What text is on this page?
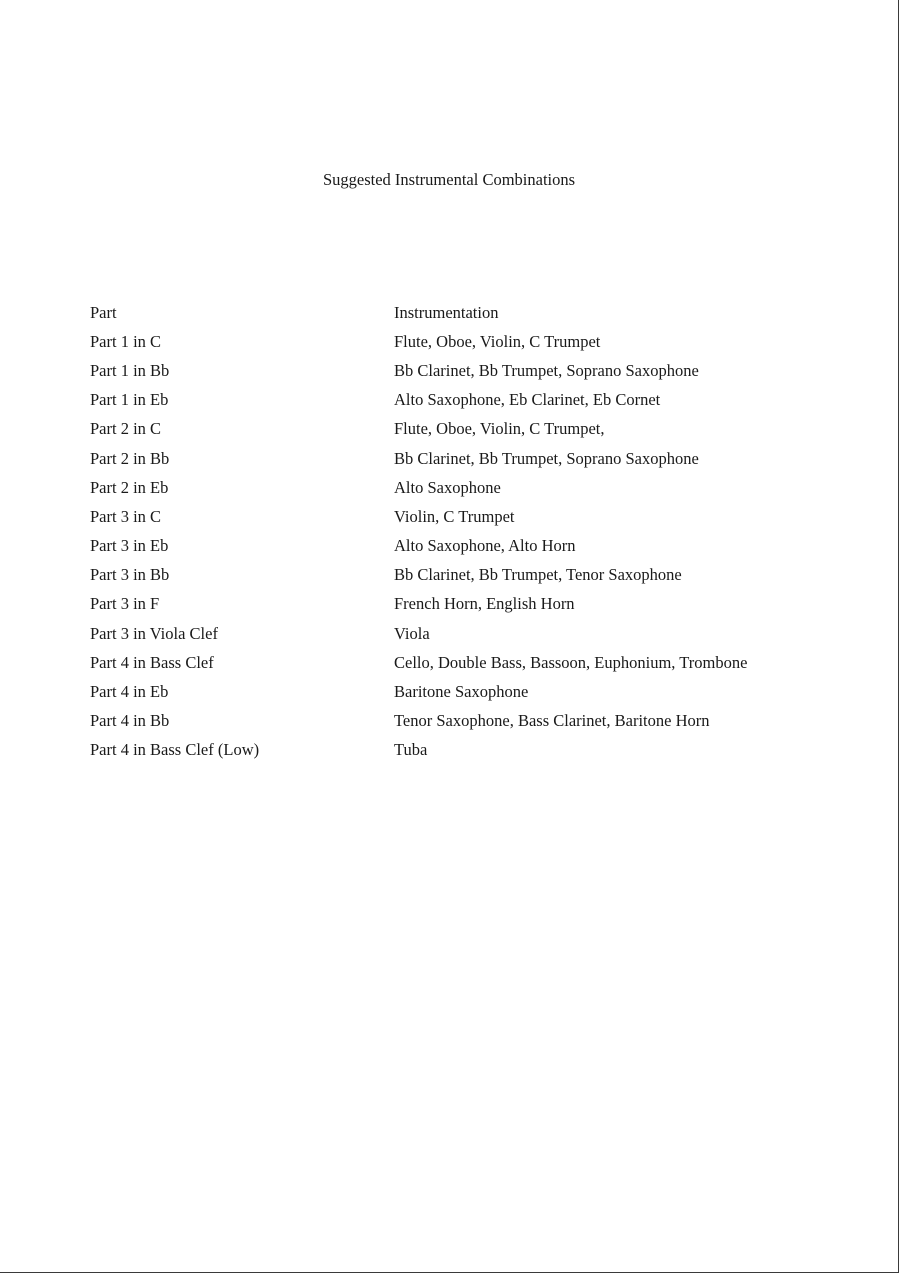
Suggested Instrumental Combinations
Part	Instrumentation
Part 1 in C	Flute, Oboe, Violin, C Trumpet
Part 1 in Bb	Bb Clarinet, Bb Trumpet, Soprano Saxophone
Part 1 in Eb	Alto Saxophone, Eb Clarinet, Eb Cornet
Part 2 in C	Flute, Oboe, Violin, C Trumpet,
Part 2 in Bb	Bb Clarinet, Bb Trumpet, Soprano Saxophone
Part 2 in Eb	Alto Saxophone
Part 3 in C	Violin, C Trumpet
Part 3 in Eb	Alto Saxophone, Alto Horn
Part 3 in Bb	Bb Clarinet, Bb Trumpet, Tenor Saxophone
Part 3 in F	French Horn, English Horn
Part 3 in Viola Clef	Viola
Part 4 in Bass Clef	Cello, Double Bass, Bassoon, Euphonium, Trombone
Part 4 in Eb	Baritone Saxophone
Part 4 in Bb	Tenor Saxophone, Bass Clarinet, Baritone Horn
Part 4 in Bass Clef (Low)	Tuba
